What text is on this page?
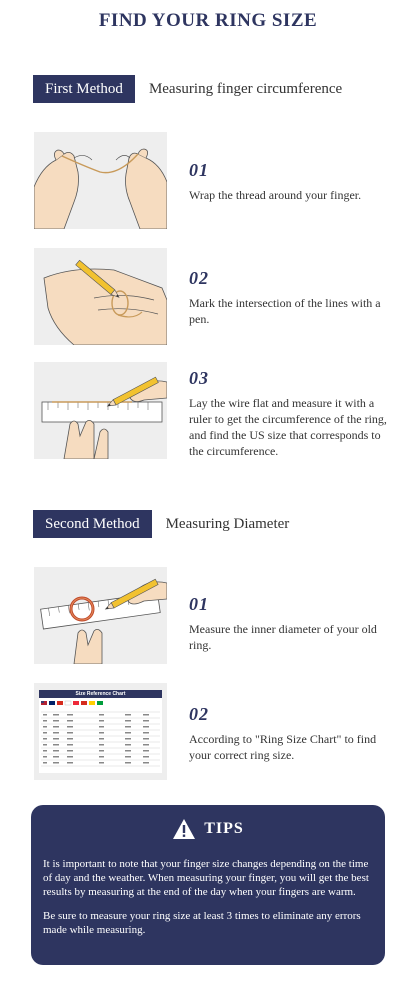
FIND YOUR RING SIZE
First Method	Measuring finger circumference
01
Wrap the thread around your finger.
02
Mark the intersection of the lines with a pen.
03
Lay the wire flat and measure it with a ruler to get the circumference of the ring, and find the US size that corresponds to the circumference.
Second Method	Measuring Diameter
01
Measure the inner diameter of your old ring.
Size Reference Chart
02
According to "Ring Size Chart" to find your correct ring size.
TIPS

It is important to note that your finger size changes depending on the time of day and the weather. When measuring your finger, you will get the best results by measuring at the end of the day when your fingers are warm.

Be sure to measure your ring size at least 3 times to eliminate any errors made while measuring.
